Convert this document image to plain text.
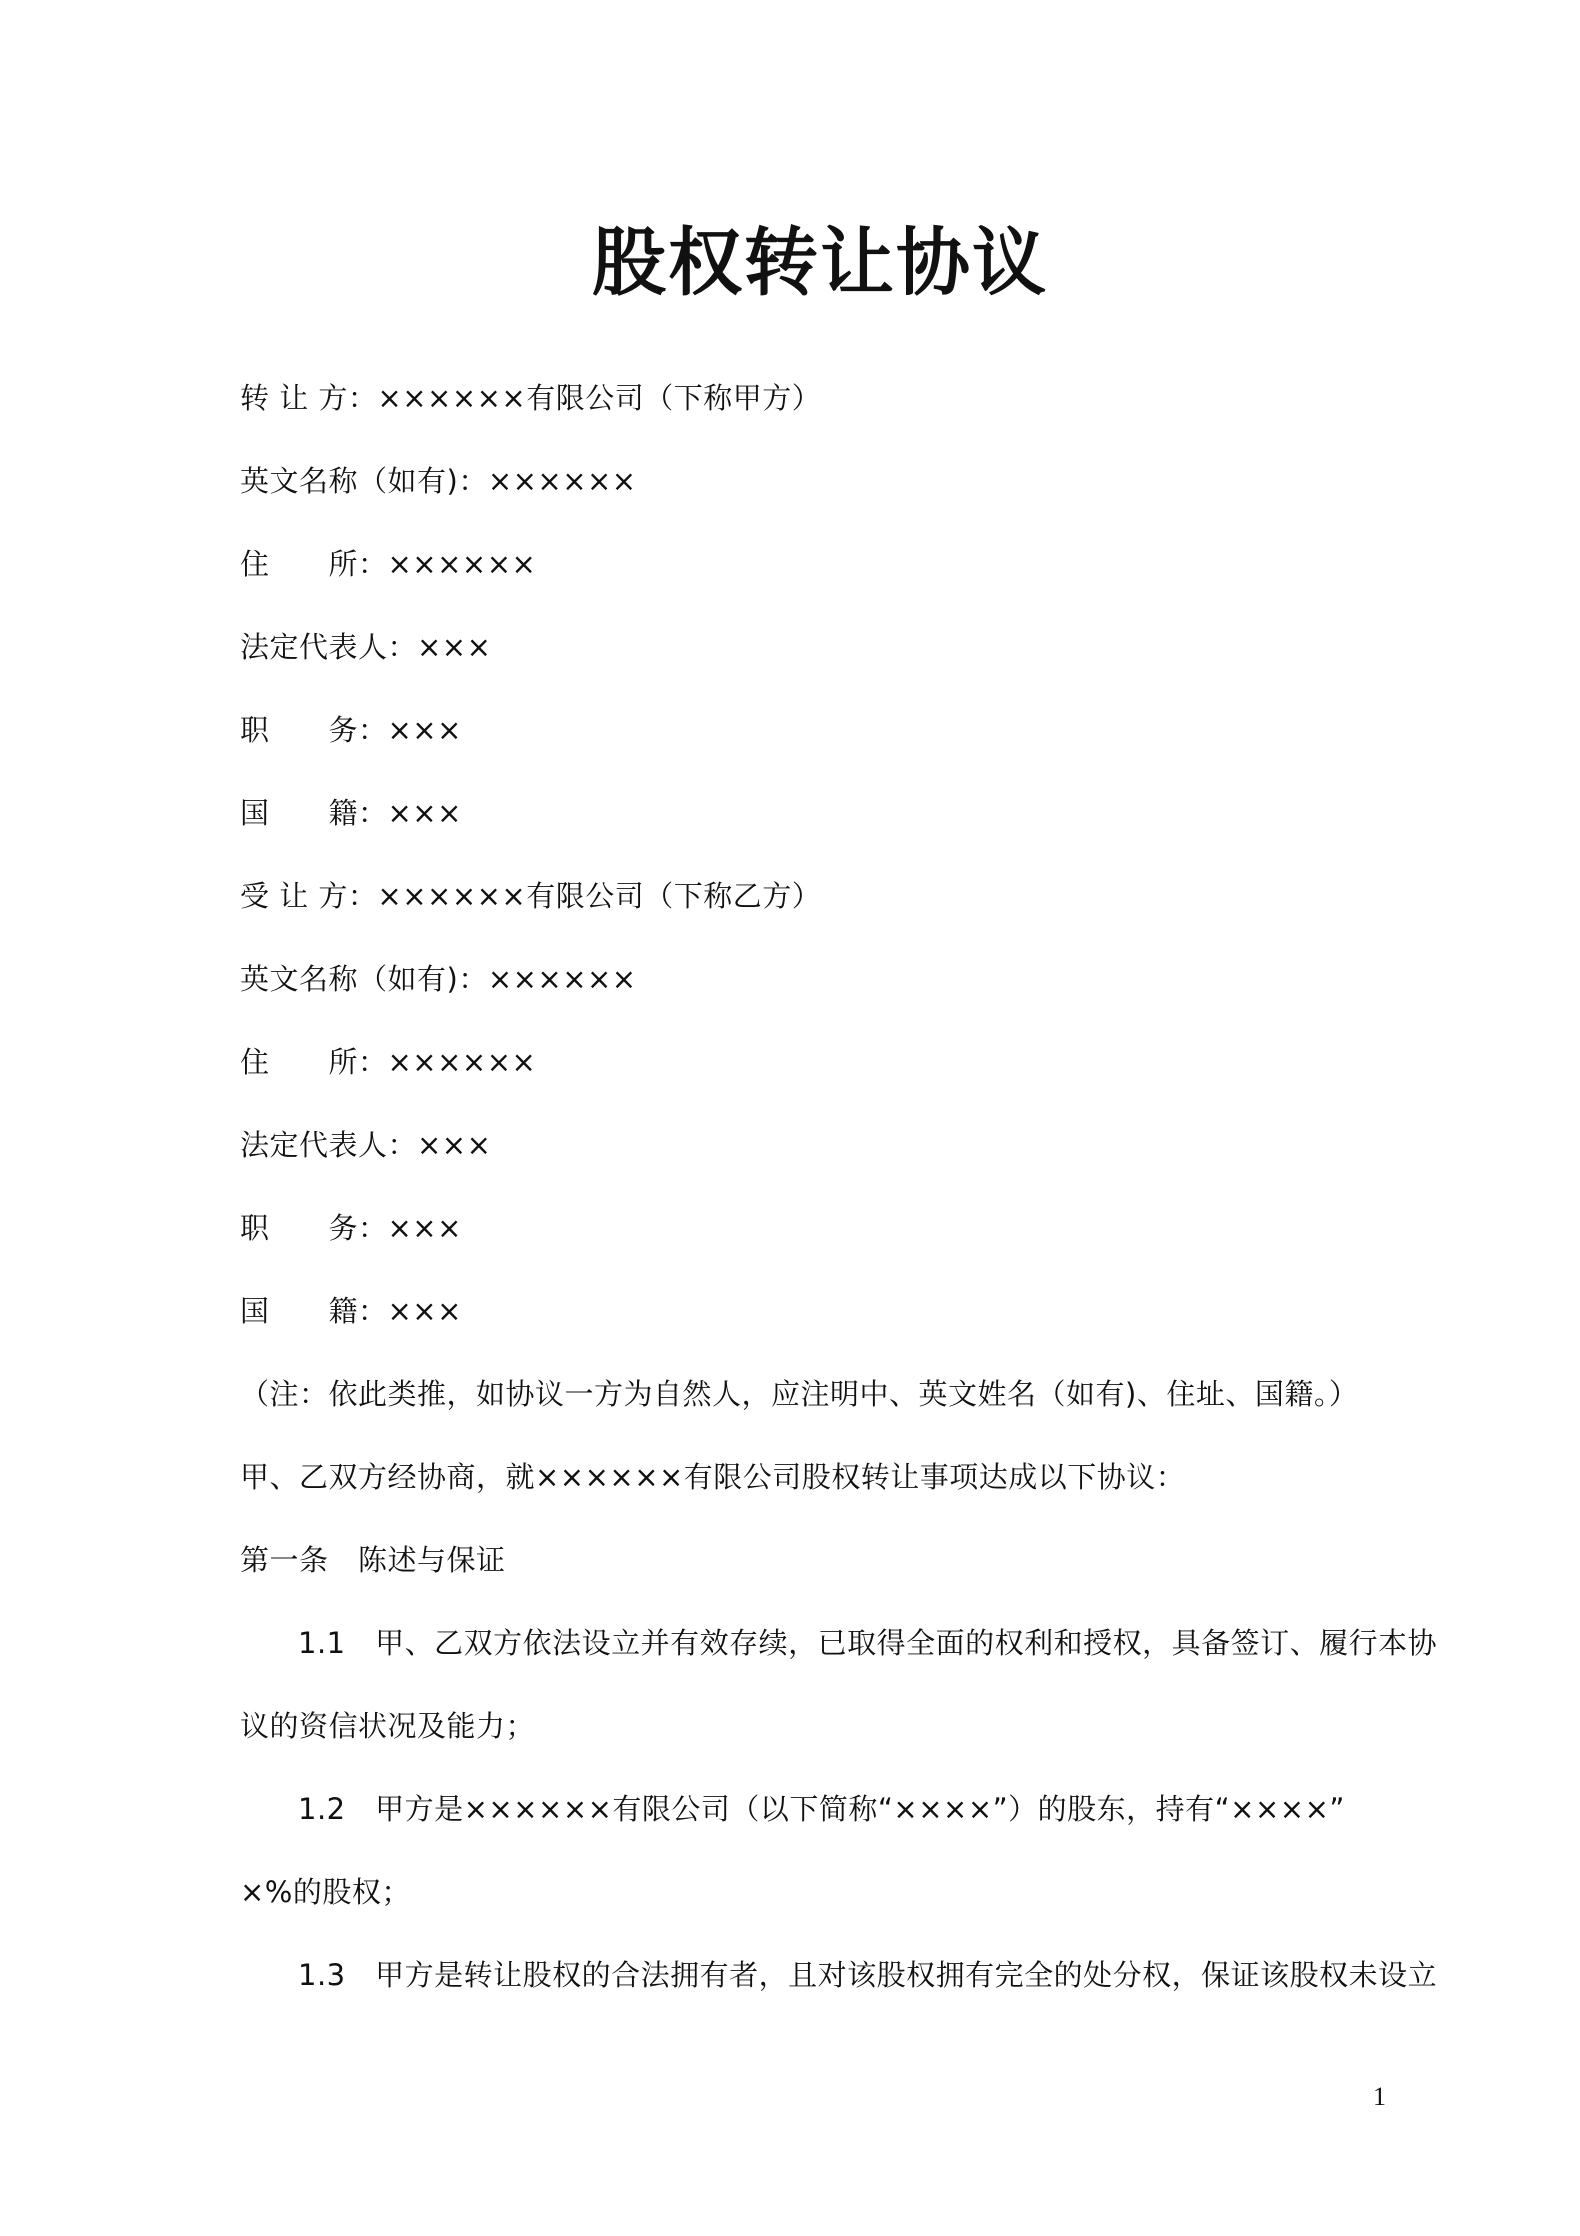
股权转让协议
转 让 方：××××××有限公司（下称甲方）
英文名称（如有)：××××××
住　　所：××××××
法定代表人：×××
职　　务：×××
国　　籍：×××
受 让 方：××××××有限公司（下称乙方）
英文名称（如有)：××××××
住　　所：××××××
法定代表人：×××
职　　务：×××
国　　籍：×××
（注：依此类推，如协议一方为自然人，应注明中、英文姓名（如有)、住址、国籍。）
甲、乙双方经协商，就××××××有限公司股权转让事项达成以下协议：
第一条　陈述与保证
1.1　甲、乙双方依法设立并有效存续，已取得全面的权利和授权，具备签订、履行本协
议的资信状况及能力；
1.2　甲方是××××××有限公司（以下简称“××××”）的股东，持有“××××”
×%的股权；
1.3　甲方是转让股权的合法拥有者，且对该股权拥有完全的处分权，保证该股权未设立
1
